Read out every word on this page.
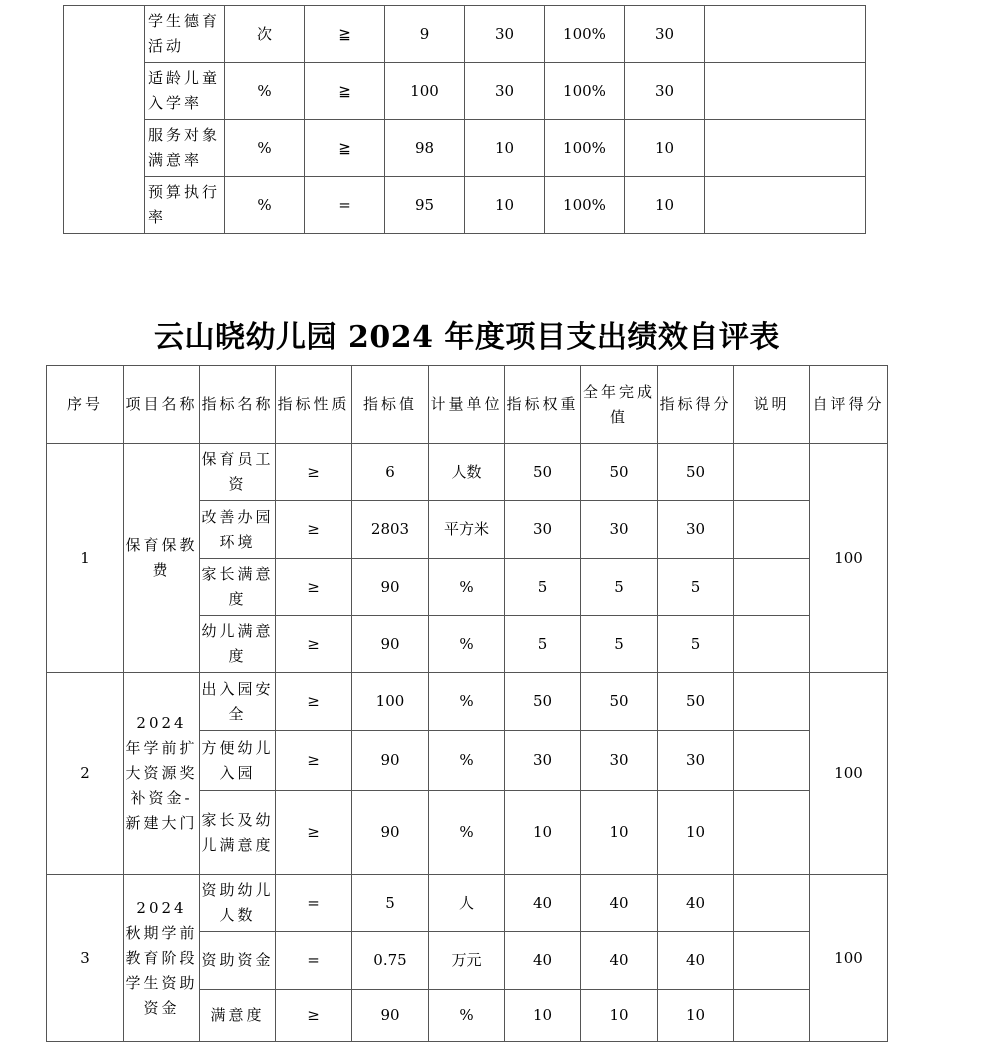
	学生德育活动	次	≧	9	30	100%	30	
	适龄儿童入学率	%	≧	100	30	100%	30	
	服务对象满意率	%	≧	98	10	100%	10	
	预算执行率	%	=	95	10	100%	10	
云山晓幼儿园 2024 年度项目支出绩效自评表
序号	项目名称	指标名称	指标性质	指标值	计量单位	指标权重	全年完成值	指标得分	说明	自评得分
1	保育保教费	保育员工资	≥	6	人数	50	50	50		100
		改善办园环境	≥	2803	平方米	30	30	30		
		家长满意度	≥	90	%	5	5	5		
		幼儿满意度	≥	90	%	5	5	5		
2	2024 年学前扩大资源奖补资金-新建大门	出入园安全	≥	100	%	50	50	50		100
		方便幼儿入园	≥	90	%	30	30	30		
		家长及幼儿满意度	≥	90	%	10	10	10		
3	2024 秋期学前教育阶段学生资助资金	资助幼儿人数	=	5	人	40	40	40		100
		资助资金	=	0.75	万元	40	40	40		
		满意度	≥	90	%	10	10	10		
